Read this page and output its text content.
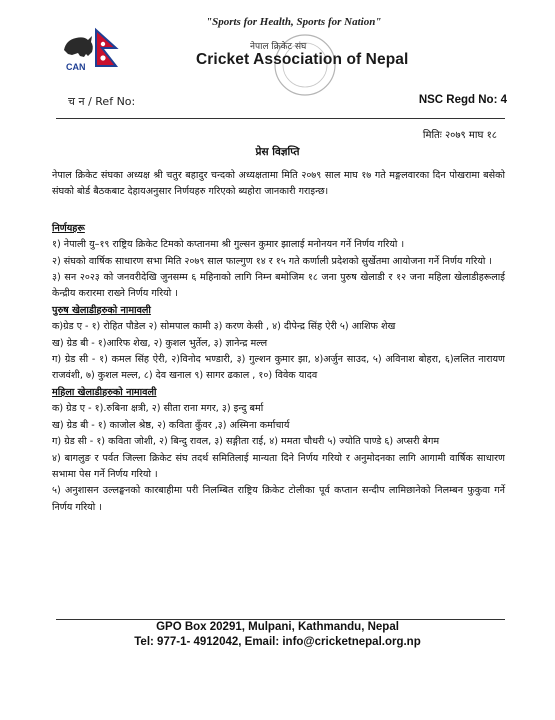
CAN
"Sports for Health, Sports for Nation"
नेपाल क्रिकेट संघ
Cricket Association of Nepal
च न / Ref No:	NSC Regd No: 4
मितिः २०७९ माघ १८
प्रेस विज्ञप्ति

नेपाल क्रिकेट संघका अध्यक्ष श्री चतुर बहादुर चन्दको अध्यक्षतामा मिति २०७९ साल माघ १७ गते मङ्गलवारका दिन पोखरामा बसेको संघको बोर्ड बैठकबाट देहायअनुसार निर्णयहरु गरिएको ब्यहोरा जानकारी गराइन्छ।

निर्णयहरू

१) नेपाली यु–१९ राष्ट्रिय क्रिकेट टिमको कप्तानमा श्री गुल्सन कुमार झालाई मनोनयन गर्ने निर्णय गरियो ।

२) संघको वार्षिक साधारण सभा मिति २०७९ साल फाल्गुण १४ र १५ गते कर्णाली प्रदेशको सुर्खेतमा आयोजना गर्ने निर्णय गरियो ।

३) सन २०२३ को जनवरीदेखि जुनसम्म ६ महिनाको लागि निम्न बमोजिम १८ जना पुरुष खेलाडी र १२ जना महिला खेलाडीहरूलाई केन्द्रीय करारमा राख्ने निर्णय गरियो ।

पुरुष खेलाडीहरुको नामावली

क)ग्रेड ए - १) रोहित पौडेल २) सोमपाल कामी ३) करण केसी , ४) दीपेन्द्र सिंह ऐरी ५) आशिफ शेख

ख) ग्रेड बी - १)आरिफ शेख, २) कुशल भुर्तेल, ३) ज्ञानेन्द्र मल्ल

ग) ग्रेड सी - १) कमल सिंह ऐरी, २)विनोद भण्डारी, ३) गुल्शन कुमार झा, ४)अर्जुन साउद, ५) अविनाश बोहरा, ६)ललित नारायण राजवंशी, ७) कुशल मल्ल, ८) देव खनाल ९) सागर ढकाल , १०) विवेक यादव

महिला खेलाडीहरुको नामावली

क) ग्रेड ए - १).रुबिना क्षत्री, २) सीता राना मगर, ३) इन्दु बर्मा

ख) ग्रेड बी - १) काजोल श्रेष्ठ, २) कविता कुँवर ,३) अस्मिना कर्माचार्य

ग) ग्रेड सी - १) कविता जोशी, २) बिन्दु रावल, ३) सङ्गीता राई, ४) ममता चौधरी ५) ज्योति पाण्डे ६) अप्सरी बेगम

४) बागलुङ र पर्वत जिल्ला क्रिकेट संघ तदर्थ समितिलाई मान्यता दिने निर्णय गरियो र अनुमोदनका लागि आगामी वार्षिक साधारण सभामा पेस गर्ने निर्णय गरियो ।

५) अनुशासन उल्लङ्घनको कारबाहीमा परी निलम्बित राष्ट्रिय क्रिकेट टोलीका पूर्व कप्तान सन्दीप लामिछानेको निलम्बन फुकुवा गर्ने निर्णय गरियो ।

GPO Box 20291, Mulpani, Kathmandu, Nepal
Tel: 977-1- 4912042, Email: info@cricketnepal.org.np
